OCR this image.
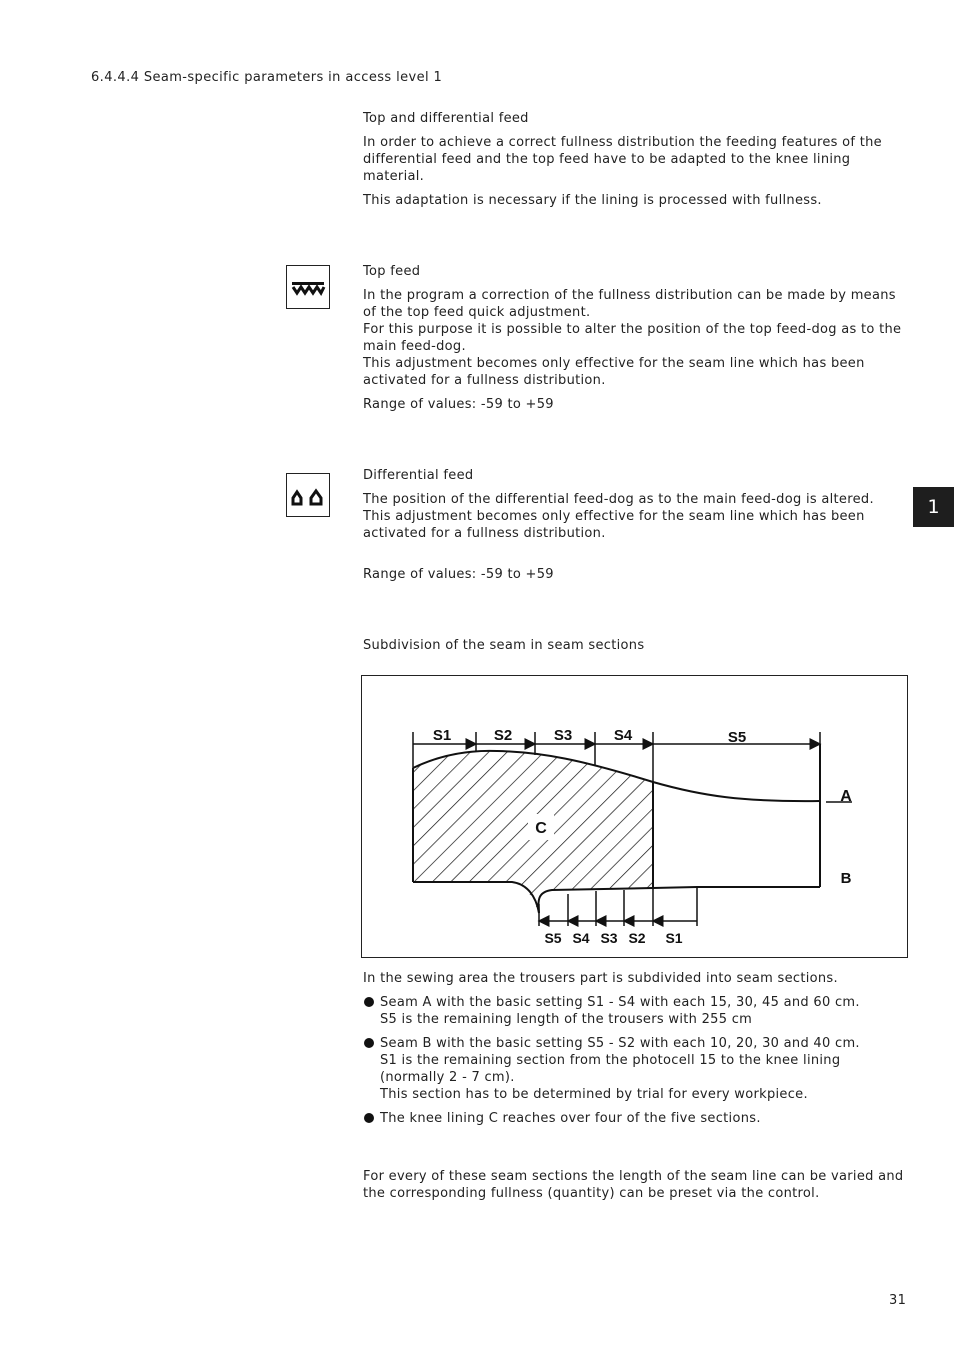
6.4.4.4 Seam-specific parameters in access level 1

Top and differential feed

In order to achieve a correct fullness distribution the feeding features of the differential feed and the top feed have to be adapted to the knee lining material.

This adaptation is necessary if the lining is processed with fullness.

Top feed

In the program a correction of the fullness distribution can be made by means of the top feed quick adjustment.
For this purpose it is possible to alter the position of the top feed-dog as to the main feed-dog.
This adjustment becomes only effective for the seam line which has been activated for a fullness distribution.

Range of values: -59 to +59

Differential feed

The position of the differential feed-dog as to the main feed-dog is altered.
This adjustment becomes only effective for the seam line which has been activated for a fullness distribution.

Range of values: -59 to +59

1

Subdivision of the seam in seam sections

C
S1	S2	S3	S4	S5
A
B
S5 S4 S3 S2 S1

In the sewing area the trousers part is subdivided into seam sections.

Seam A with the basic setting S1 - S4 with each 15, 30, 45 and 60 cm.
S5 is the remaining length of the trousers with 255 cm
Seam B with the basic setting S5 - S2 with each 10, 20, 30 and 40 cm.
S1 is the remaining section from the photocell 15 to the knee lining (normally 2 - 7 cm).
This section has to be determined by trial for every workpiece.
The knee lining C reaches over four of the five sections.

For every of these seam sections the length of the seam line can be varied and the corresponding fullness (quantity) can be preset via the control.

31
